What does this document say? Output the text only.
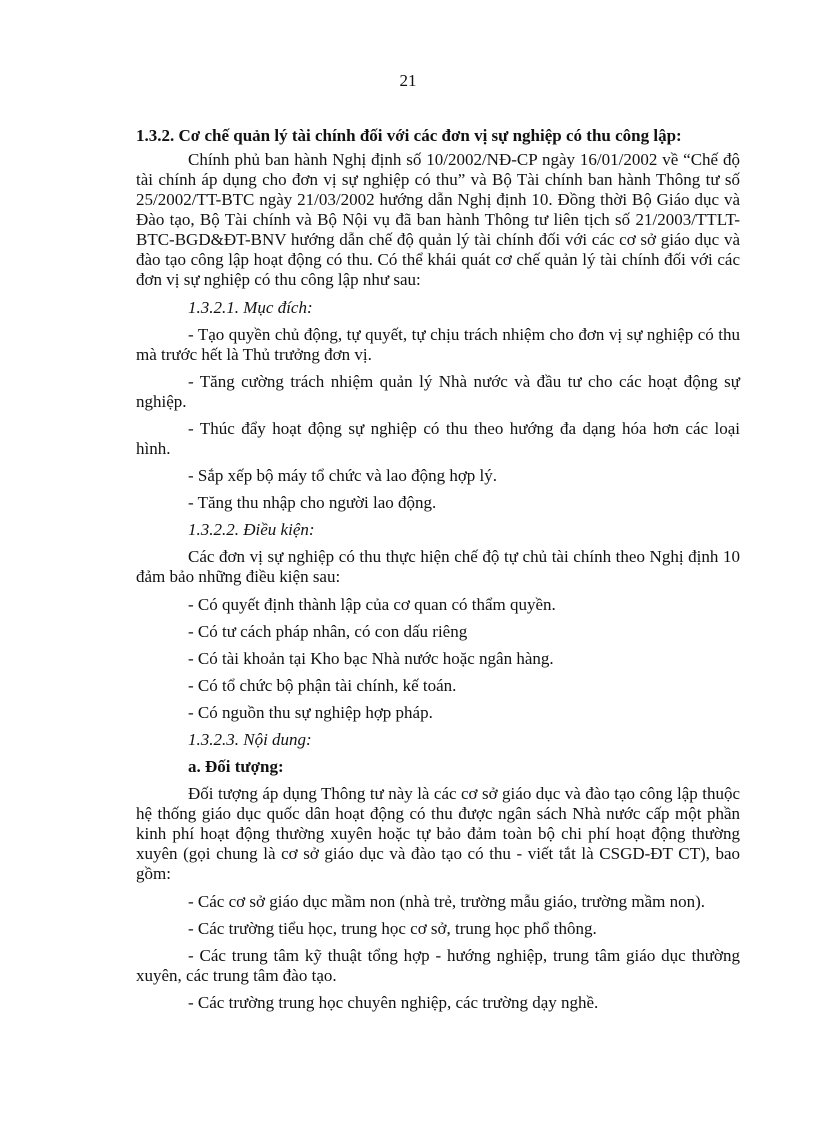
21

1.3.2. Cơ chế quản lý tài chính đối với các đơn vị sự nghiệp có thu công lập:

Chính phủ ban hành Nghị định số 10/2002/NĐ-CP ngày 16/01/2002 về “Chế độ tài chính áp dụng cho đơn vị sự nghiệp có thu” và Bộ Tài chính ban hành Thông tư số 25/2002/TT-BTC ngày 21/03/2002 hướng dẫn Nghị định 10. Đồng thời Bộ Giáo dục và Đào tạo, Bộ Tài chính và Bộ Nội vụ đã ban hành Thông tư liên tịch số 21/2003/TTLT-BTC-BGD&ĐT-BNV hướng dẫn chế độ quản lý tài chính đối với các cơ sở giáo dục và đào tạo công lập hoạt động có thu. Có thể khái quát cơ chế quản lý tài chính đối với các đơn vị sự nghiệp có thu công lập như sau:

1.3.2.1. Mục đích:

- Tạo quyền chủ động, tự quyết, tự chịu trách nhiệm cho đơn vị sự nghiệp có thu mà trước hết là Thủ trưởng đơn vị.

- Tăng cường trách nhiệm quản lý Nhà nước và đầu tư cho các hoạt động sự nghiệp.

- Thúc đẩy hoạt động sự nghiệp có thu theo hướng đa dạng hóa hơn các loại hình.

- Sắp xếp bộ máy tổ chức và lao động hợp lý.

- Tăng thu nhập cho người lao động.

1.3.2.2. Điều kiện:

Các đơn vị sự nghiệp có thu thực hiện chế độ tự chủ tài chính theo Nghị định 10 đảm bảo những điều kiện sau:

- Có quyết định thành lập của cơ quan có thẩm quyền.

- Có tư cách pháp nhân, có con dấu riêng

- Có tài khoản tại Kho bạc Nhà nước hoặc ngân hàng.

- Có tổ chức bộ phận tài chính, kế toán.

- Có nguồn thu sự nghiệp hợp pháp.

1.3.2.3. Nội dung:

a. Đối tượng:

Đối tượng áp dụng Thông tư này là các cơ sở giáo dục và đào tạo công lập thuộc hệ thống giáo dục quốc dân hoạt động có thu được ngân sách Nhà nước cấp một phần kinh phí hoạt động thường xuyên hoặc tự bảo đảm toàn bộ chi phí hoạt động thường xuyên (gọi chung là cơ sở giáo dục và đào tạo có thu - viết tắt là CSGD-ĐT CT), bao gồm:

- Các cơ sở giáo dục mầm non (nhà trẻ, trường mẫu giáo, trường mầm non).

- Các trường tiểu học, trung học cơ sở, trung học phổ thông.

- Các trung tâm kỹ thuật tổng hợp - hướng nghiệp, trung tâm giáo dục thường xuyên, các trung tâm đào tạo.

- Các trường trung học chuyên nghiệp, các trường dạy nghề.
